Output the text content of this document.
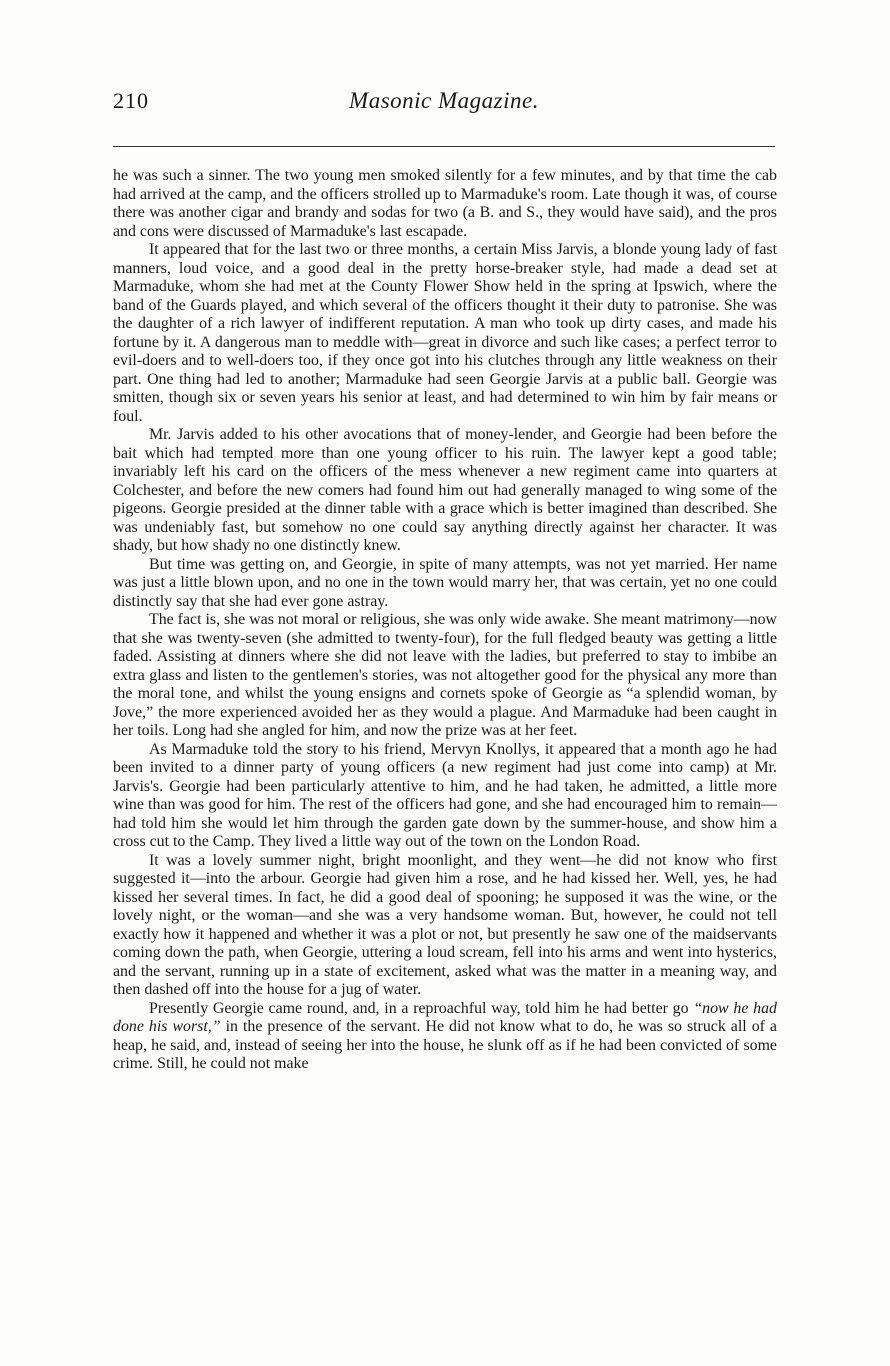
210	Masonic Magazine.

he was such a sinner. The two young men smoked silently for a few minutes, and by that time the cab had arrived at the camp, and the officers strolled up to Marmaduke's room. Late though it was, of course there was another cigar and brandy and sodas for two (a B. and S., they would have said), and the pros and cons were discussed of Marmaduke's last escapade.

It appeared that for the last two or three months, a certain Miss Jarvis, a blonde young lady of fast manners, loud voice, and a good deal in the pretty horse-breaker style, had made a dead set at Marmaduke, whom she had met at the County Flower Show held in the spring at Ipswich, where the band of the Guards played, and which several of the officers thought it their duty to patronise. She was the daughter of a rich lawyer of indifferent reputation. A man who took up dirty cases, and made his fortune by it. A dangerous man to meddle with—great in divorce and such like cases; a perfect terror to evil-doers and to well-doers too, if they once got into his clutches through any little weakness on their part. One thing had led to another; Marmaduke had seen Georgie Jarvis at a public ball. Georgie was smitten, though six or seven years his senior at least, and had determined to win him by fair means or foul.

Mr. Jarvis added to his other avocations that of money-lender, and Georgie had been before the bait which had tempted more than one young officer to his ruin. The lawyer kept a good table; invariably left his card on the officers of the mess whenever a new regiment came into quarters at Colchester, and before the new comers had found him out had generally managed to wing some of the pigeons. Georgie presided at the dinner table with a grace which is better imagined than described. She was undeniably fast, but somehow no one could say anything directly against her character. It was shady, but how shady no one distinctly knew.

But time was getting on, and Georgie, in spite of many attempts, was not yet married. Her name was just a little blown upon, and no one in the town would marry her, that was certain, yet no one could distinctly say that she had ever gone astray.

The fact is, she was not moral or religious, she was only wide awake. She meant matrimony—now that she was twenty-seven (she admitted to twenty-four), for the full fledged beauty was getting a little faded. Assisting at dinners where she did not leave with the ladies, but preferred to stay to imbibe an extra glass and listen to the gentlemen's stories, was not altogether good for the physical any more than the moral tone, and whilst the young ensigns and cornets spoke of Georgie as “a splendid woman, by Jove,” the more experienced avoided her as they would a plague. And Marmaduke had been caught in her toils. Long had she angled for him, and now the prize was at her feet.

As Marmaduke told the story to his friend, Mervyn Knollys, it appeared that a month ago he had been invited to a dinner party of young officers (a new regiment had just come into camp) at Mr. Jarvis's. Georgie had been particularly attentive to him, and he had taken, he admitted, a little more wine than was good for him. The rest of the officers had gone, and she had encouraged him to remain—had told him she would let him through the garden gate down by the summer-house, and show him a cross cut to the Camp. They lived a little way out of the town on the London Road.

It was a lovely summer night, bright moonlight, and they went—he did not know who first suggested it—into the arbour. Georgie had given him a rose, and he had kissed her. Well, yes, he had kissed her several times. In fact, he did a good deal of spooning; he supposed it was the wine, or the lovely night, or the woman—and she was a very handsome woman. But, however, he could not tell exactly how it happened and whether it was a plot or not, but presently he saw one of the maidservants coming down the path, when Georgie, uttering a loud scream, fell into his arms and went into hysterics, and the servant, running up in a state of excitement, asked what was the matter in a meaning way, and then dashed off into the house for a jug of water.

Presently Georgie came round, and, in a reproachful way, told him he had better go “now he had done his worst,” in the presence of the servant. He did not know what to do, he was so struck all of a heap, he said, and, instead of seeing her into the house, he slunk off as if he had been convicted of some crime. Still, he could not make
